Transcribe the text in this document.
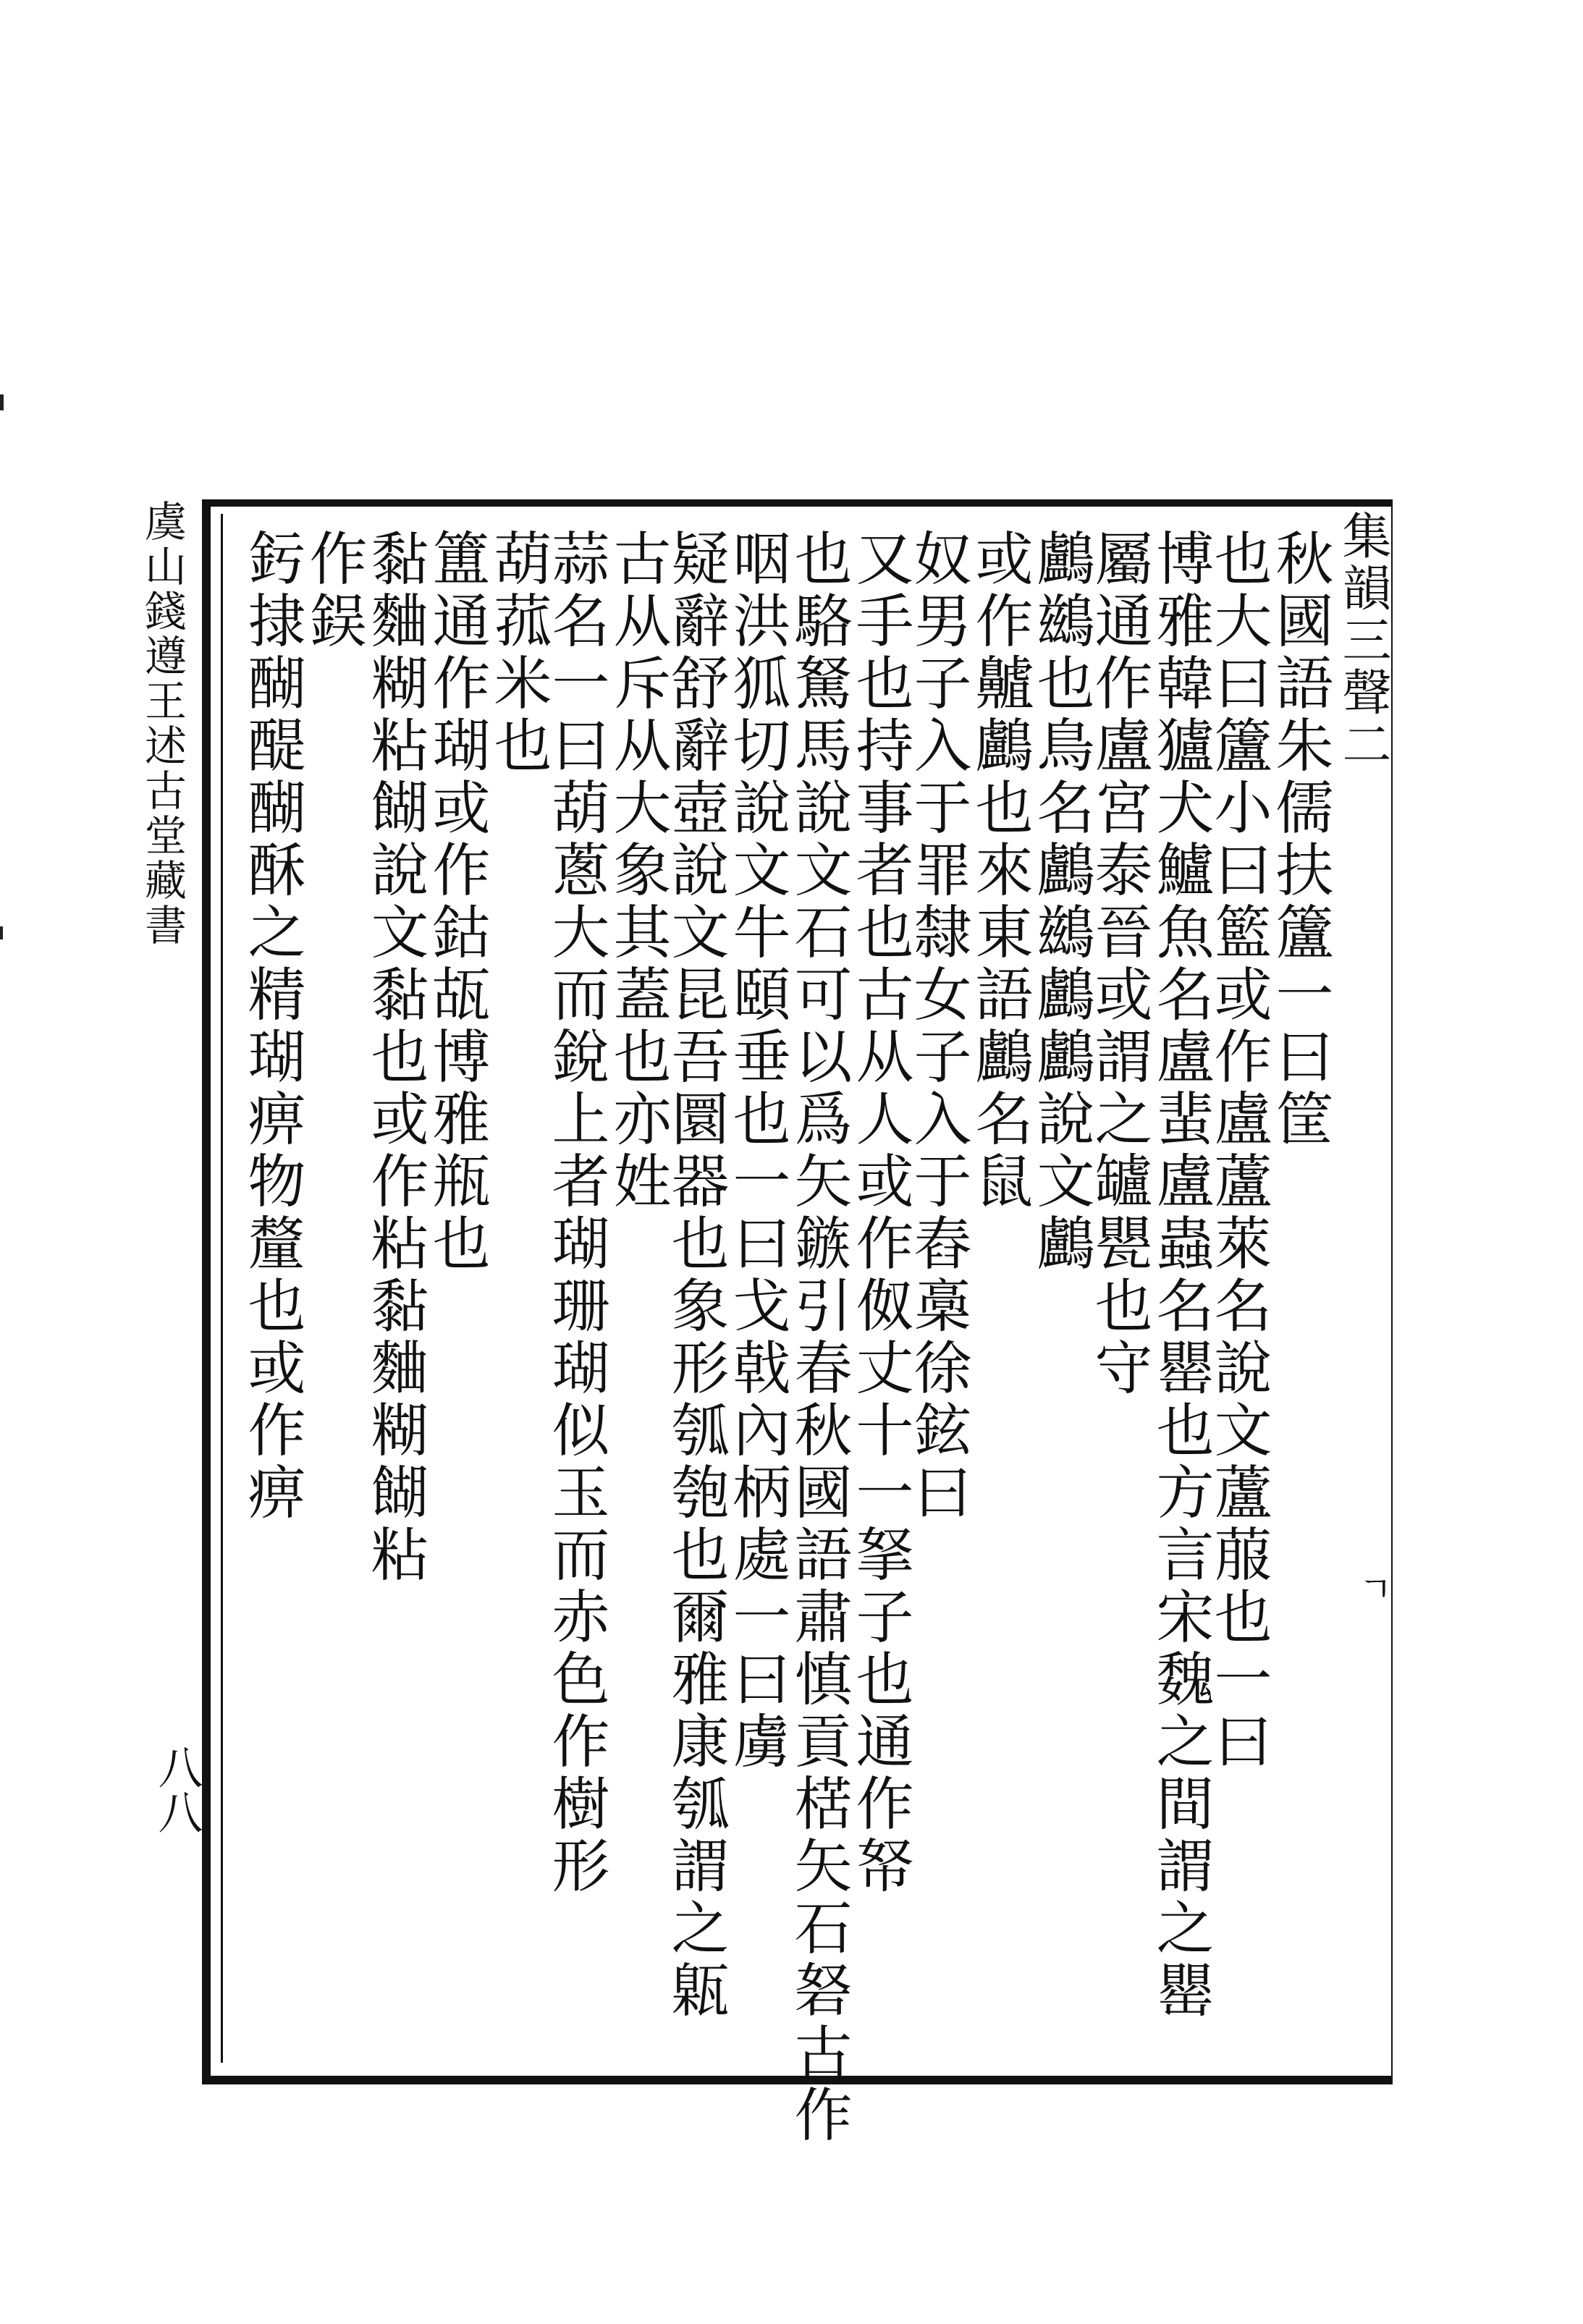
集韻三聲二
ㄱ
虞山錢遵王述古堂藏書
八八
秋國語朱儒扶籚一曰筐
也大曰籚小曰籃或作盧蘆萊名說文蘆菔也一曰
博雅韓獹犬鱸魚名盧蜚盧蟲名罌也方言宋魏之間謂之罌
屬通作盧宮泰晉或謂之罏甖也守
鸕鷀也鳥名鸕鷀鸕鸕說文鸕
或作齇鸕也來東語鸕名鼠
奴男子入于罪隸女子入于舂槀徐鉉曰
又手也持事者也古从人或作伮丈十一拏子也通作帑
也駱駑馬說文石可以爲矢鏃引春秋國語肅慎貢楛矢石砮古作
咽洪狐切說文牛頤垂也一曰戈戟內柄處一曰虜
疑辭舒辭壺說文昆吾圜器也象形瓠匏也爾雅康瓠謂之甈
古从斥从大象其蓋也亦姓
蒜名一曰葫蔥大而銳上者瑚珊瑚似玉而赤色作樹形
葫菰米也
簠通作瑚或作鈷瓳博雅瓶也
黏麯糊粘餬說文黏也或作粘黏麯糊餬粘
作鋘
釫捸醐醍醐酥之精瑚痹物釐也或作痹
